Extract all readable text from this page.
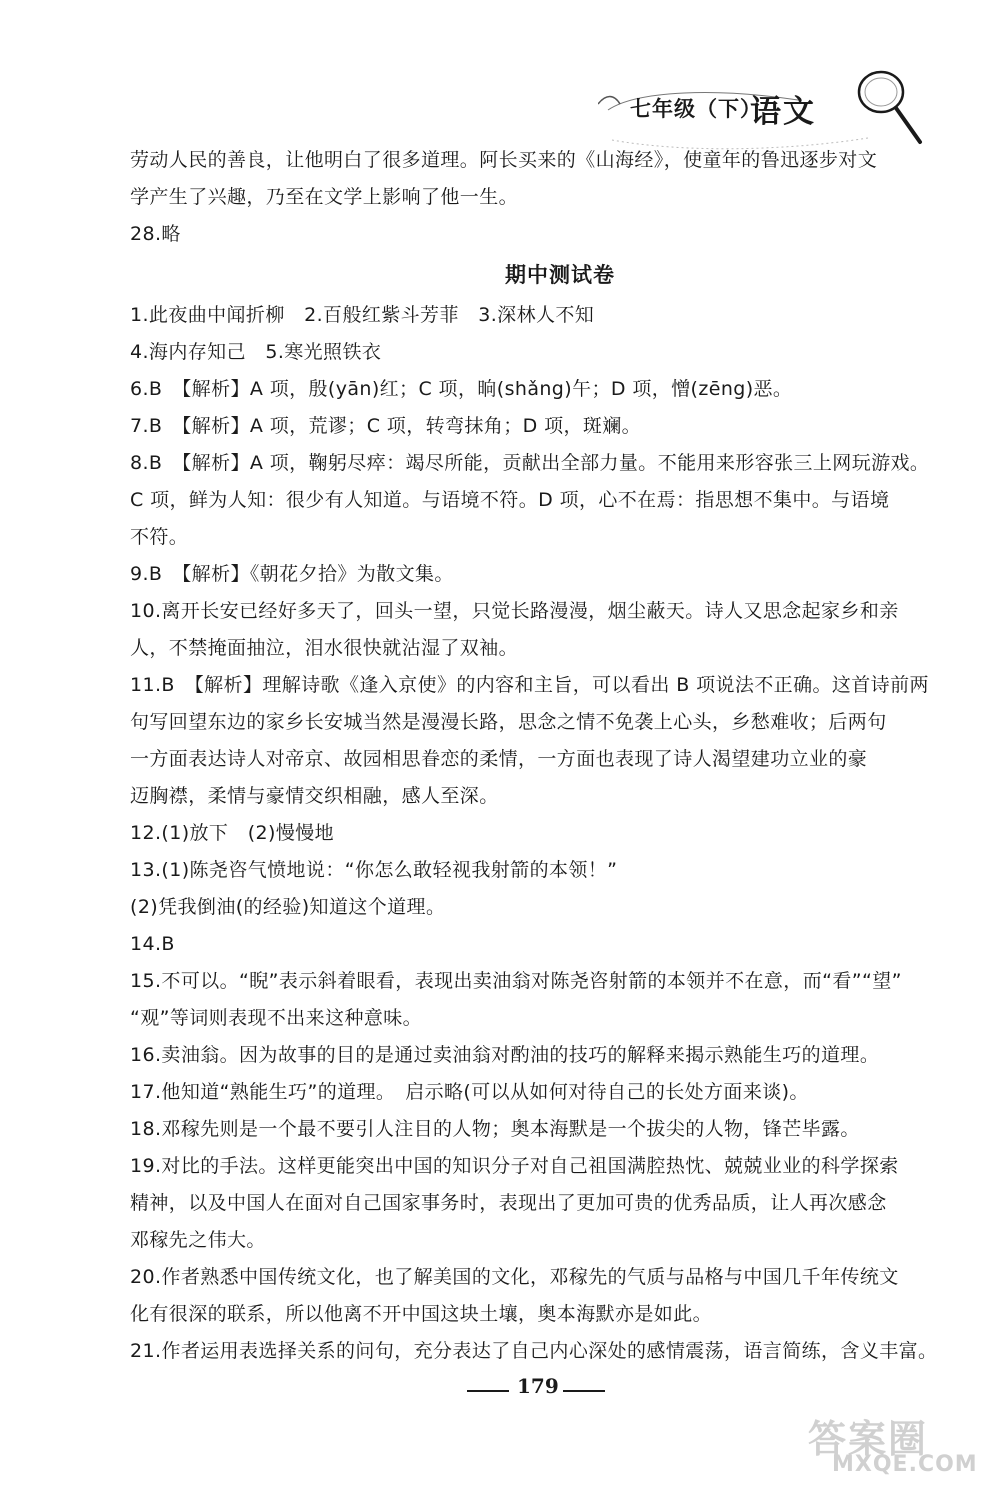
七年级（下）
语文
劳动人民的善良，让他明白了很多道理。阿长买来的《山海经》，使童年的鲁迅逐步对文
学产生了兴趣，乃至在文学上影响了他一生。
28.略
期中测试卷
1.此夜曲中闻折柳　2.百般红紫斗芳菲　3.深林人不知
4.海内存知己　5.寒光照铁衣
6.B　【解析】A 项，殷(yān)红；C 项，晌(shǎng)午；D 项，憎(zēng)恶。
7.B　【解析】A 项，荒谬；C 项，转弯抹角；D 项，斑斓。
8.B　【解析】A 项，鞠躬尽瘁：竭尽所能，贡献出全部力量。不能用来形容张三上网玩游戏。
C 项，鲜为人知：很少有人知道。与语境不符。D 项，心不在焉：指思想不集中。与语境
不符。
9.B　【解析】《朝花夕拾》为散文集。
10.离开长安已经好多天了，回头一望，只觉长路漫漫，烟尘蔽天。诗人又思念起家乡和亲
人，不禁掩面抽泣，泪水很快就沾湿了双袖。
11.B　【解析】理解诗歌《逢入京使》的内容和主旨，可以看出 B 项说法不正确。这首诗前两
句写回望东边的家乡长安城当然是漫漫长路，思念之情不免袭上心头，乡愁难收；后两句
一方面表达诗人对帝京、故园相思眷恋的柔情，一方面也表现了诗人渴望建功立业的豪
迈胸襟，柔情与豪情交织相融，感人至深。
12.(1)放下　(2)慢慢地
13.(1)陈尧咨气愤地说：“你怎么敢轻视我射箭的本领！”
(2)凭我倒油(的经验)知道这个道理。
14.B
15.不可以。“睨”表示斜着眼看，表现出卖油翁对陈尧咨射箭的本领并不在意，而“看”“望”
“观”等词则表现不出来这种意味。
16.卖油翁。因为故事的目的是通过卖油翁对酌油的技巧的解释来揭示熟能生巧的道理。
17.他知道“熟能生巧”的道理。　启示略(可以从如何对待自己的长处方面来谈)。
18.邓稼先则是一个最不要引人注目的人物；奥本海默是一个拔尖的人物，锋芒毕露。
19.对比的手法。这样更能突出中国的知识分子对自己祖国满腔热忱、兢兢业业的科学探索
精神，以及中国人在面对自己国家事务时，表现出了更加可贵的优秀品质，让人再次感念
邓稼先之伟大。
20.作者熟悉中国传统文化，也了解美国的文化，邓稼先的气质与品格与中国几千年传统文
化有很深的联系，所以他离不开中国这块土壤，奥本海默亦是如此。
21.作者运用表选择关系的问句，充分表达了自己内心深处的感情震荡，语言简练，含义丰富。
179
答案圈
MXQE.COM
